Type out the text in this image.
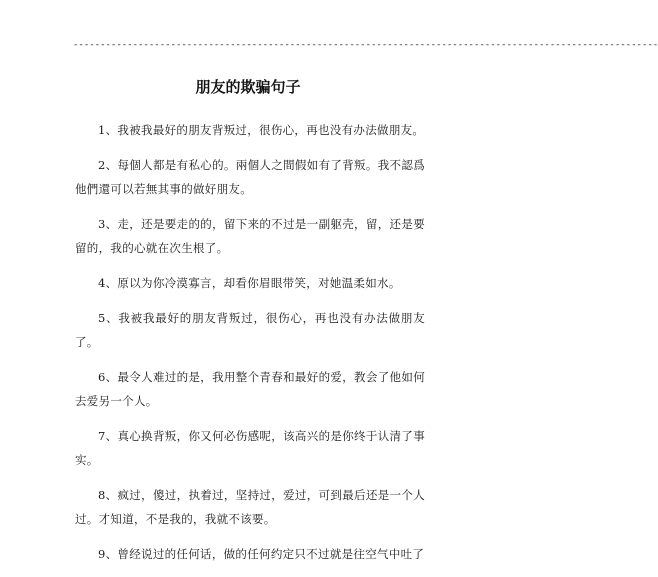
------------------------------------------------------------------------------------------------------------
朋友的欺骗句子

1、我被我最好的朋友背叛过，很伤心，再也没有办法做朋友。

2、每個人都是有私心的。兩個人之間假如有了背叛。我不認爲他們還可以若無其事的做好朋友。

3、走，还是要走的的，留下来的不过是一副躯壳，留，还是要留的，我的心就在次生根了。

4、原以为你冷漠寡言，却看你眉眼带笑，对她温柔如水。

5、我被我最好的朋友背叛过，很伤心，再也没有办法做朋友了。

6、最令人难过的是，我用整个青春和最好的爱，教会了他如何去爱另一个人。

7、真心换背叛，你又何必伤感呢，该高兴的是你终于认清了事实。

8、疯过，傻过，执着过，坚持过，爱过，可到最后还是一个人过。才知道，不是我的，我就不该要。

9、曾经说过的任何话，做的任何约定只不过就是往空气中吐了
